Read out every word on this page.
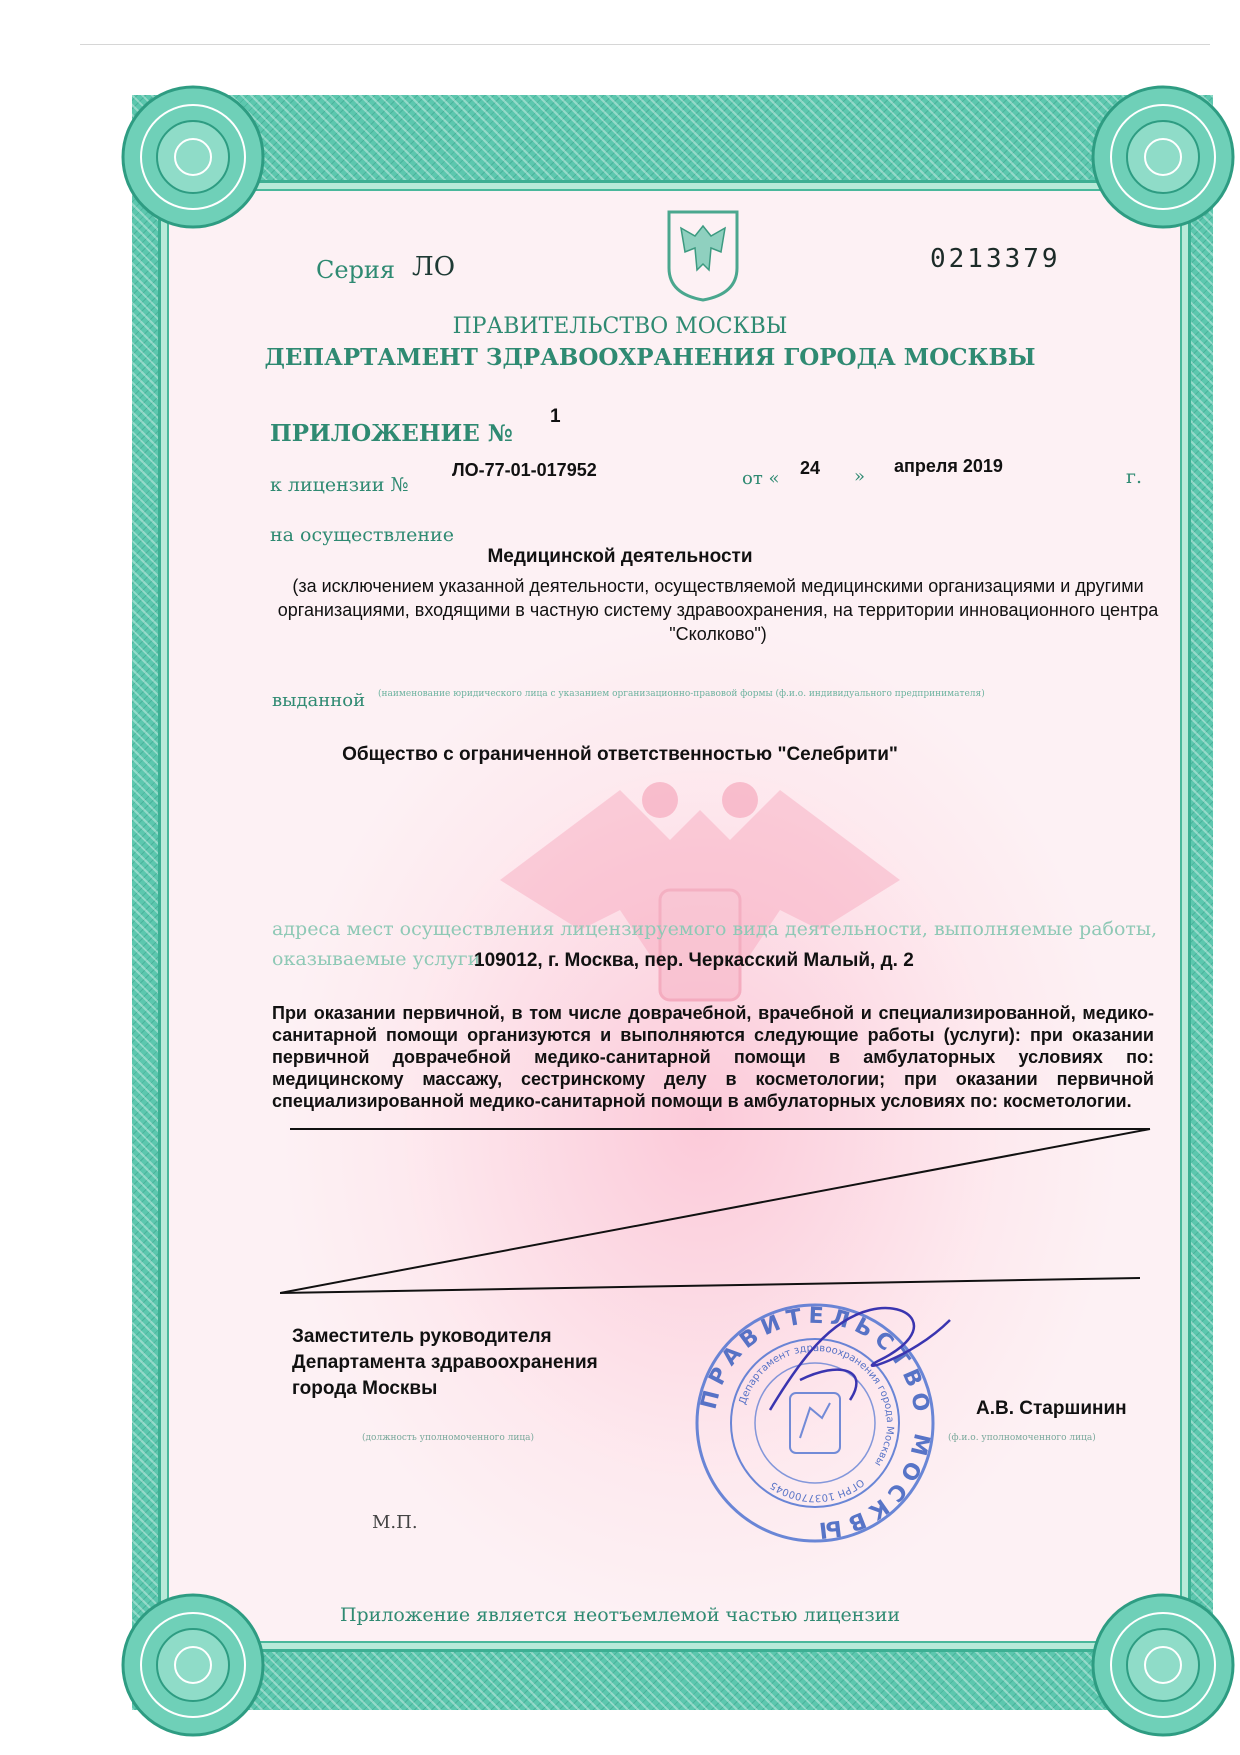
Серия ЛО	0213379
ПРАВИТЕЛЬСТВО МОСКВЫ
ДЕПАРТАМЕНТ ЗДРАВООХРАНЕНИЯ ГОРОДА МОСКВЫ
ПРИЛОЖЕНИЕ №
1
к лицензии №
ЛО-77-01-017952	от « 24 » апреля 2019	г.
на осуществление
Медицинской деятельности
(за исключением указанной деятельности, осуществляемой медицинскими организациями и другими организациями, входящими в частную систему здравоохранения, на территории инновационного центра "Сколково")
выданной (наименование юридического лица с указанием организационно-правовой формы (ф.и.о. индивидуального предпринимателя)
Общество с ограниченной ответственностью "Селебрити"
адреса мест осуществления лицензируемого вида деятельности, выполняемые работы, оказываемые услуги
109012, г. Москва, пер. Черкасский Малый, д. 2
При оказании первичной, в том числе доврачебной, врачебной и специализированной, медико-санитарной помощи организуются и выполняются следующие работы (услуги): при оказании первичной доврачебной медико-санитарной помощи в амбулаторных условиях по: медицинскому массажу, сестринскому делу в косметологии; при оказании первичной специализированной медико-санитарной помощи в амбулаторных условиях по: косметологии.
Заместитель руководителя Департамента здравоохранения города Москвы
(должность уполномоченного лица)
А.В. Старшинин
(ф.и.о. уполномоченного лица)
М.П.
ПРАВИТЕЛЬСТВО МОСКВЫ
Департамент здравоохранения города Москвы
ОГРН 1037700045
Приложение является неотъемлемой частью лицензии
